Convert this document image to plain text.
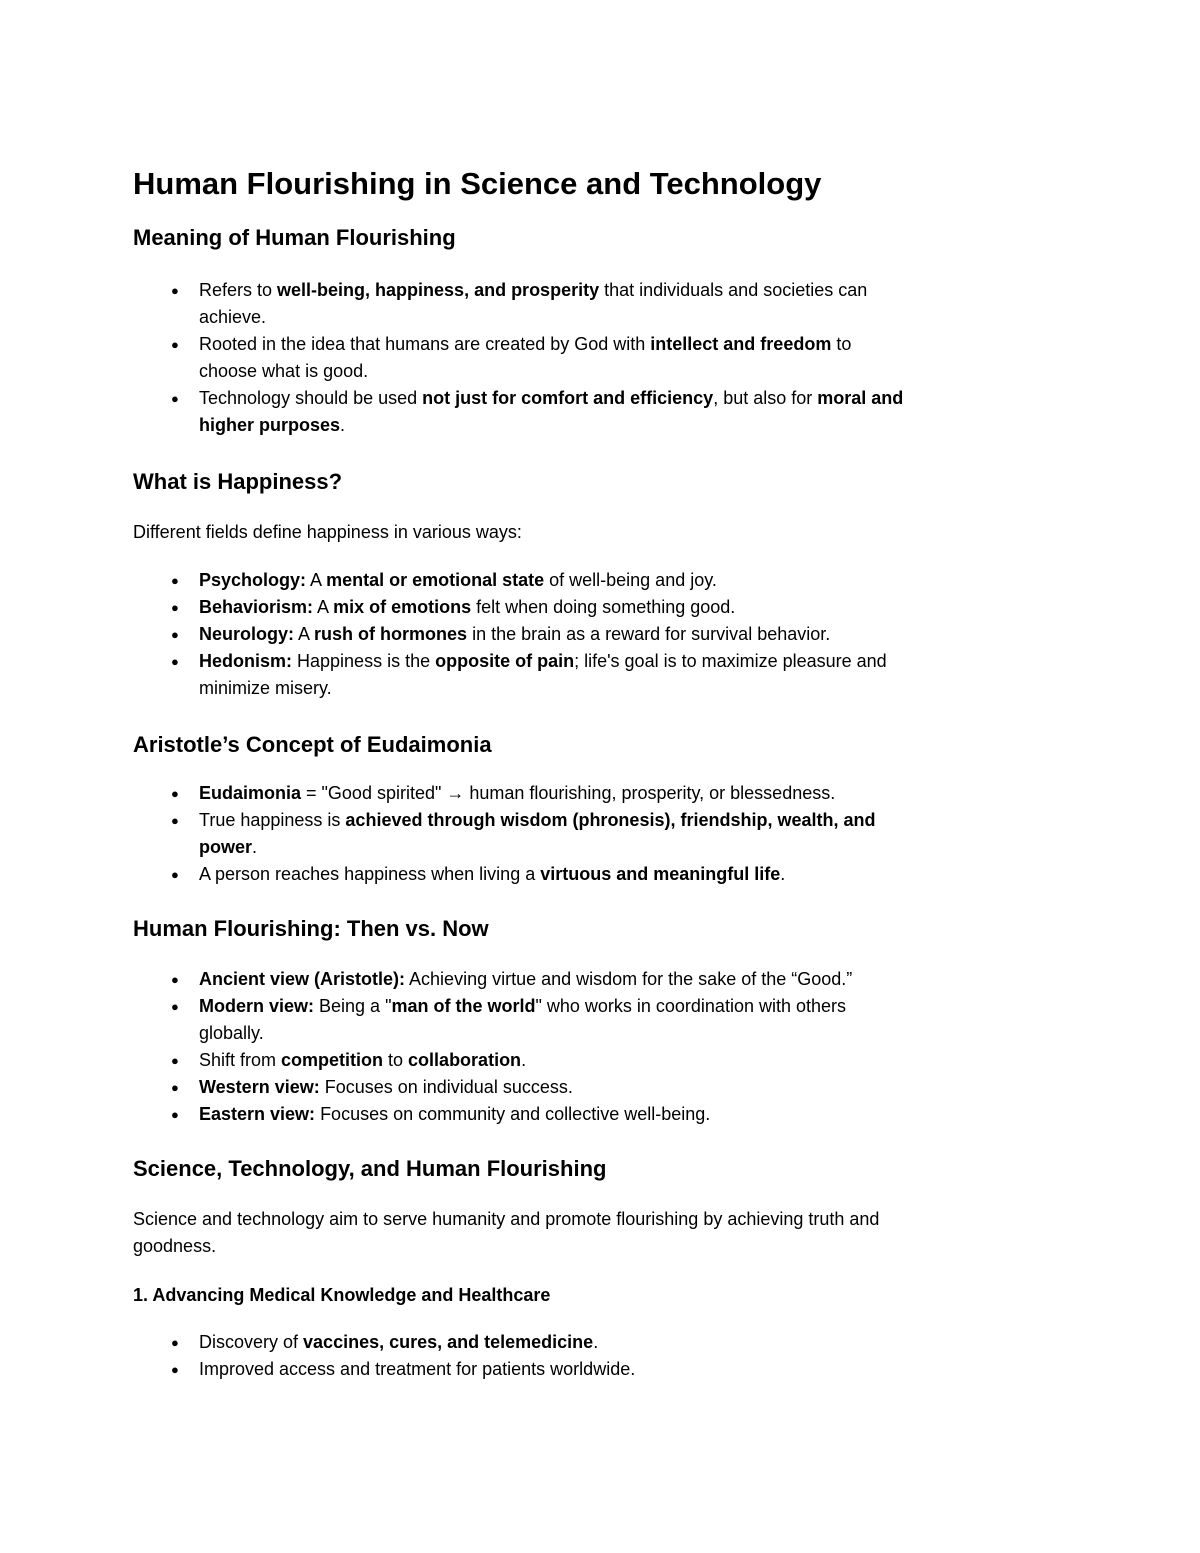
Human Flourishing in Science and Technology
Meaning of Human Flourishing
● Refers to well-being, happiness, and prosperity that individuals and societies can achieve.
● Rooted in the idea that humans are created by God with intellect and freedom to choose what is good.
● Technology should be used not just for comfort and efficiency, but also for moral and higher purposes.
What is Happiness?

Different fields define happiness in various ways:

● Psychology: A mental or emotional state of well-being and joy.
● Behaviorism: A mix of emotions felt when doing something good.
● Neurology: A rush of hormones in the brain as a reward for survival behavior.
● Hedonism: Happiness is the opposite of pain; life's goal is to maximize pleasure and minimize misery.
Aristotle’s Concept of Eudaimonia
● Eudaimonia = "Good spirited" → human flourishing, prosperity, or blessedness.
● True happiness is achieved through wisdom (phronesis), friendship, wealth, and power.
● A person reaches happiness when living a virtuous and meaningful life.
Human Flourishing: Then vs. Now
● Ancient view (Aristotle): Achieving virtue and wisdom for the sake of the “Good.”
● Modern view: Being a "man of the world" who works in coordination with others globally.
● Shift from competition to collaboration.
● Western view: Focuses on individual success.
● Eastern view: Focuses on community and collective well-being.
Science, Technology, and Human Flourishing

Science and technology aim to serve humanity and promote flourishing by achieving truth and goodness.

1. Advancing Medical Knowledge and Healthcare
● Discovery of vaccines, cures, and telemedicine.
● Improved access and treatment for patients worldwide.
